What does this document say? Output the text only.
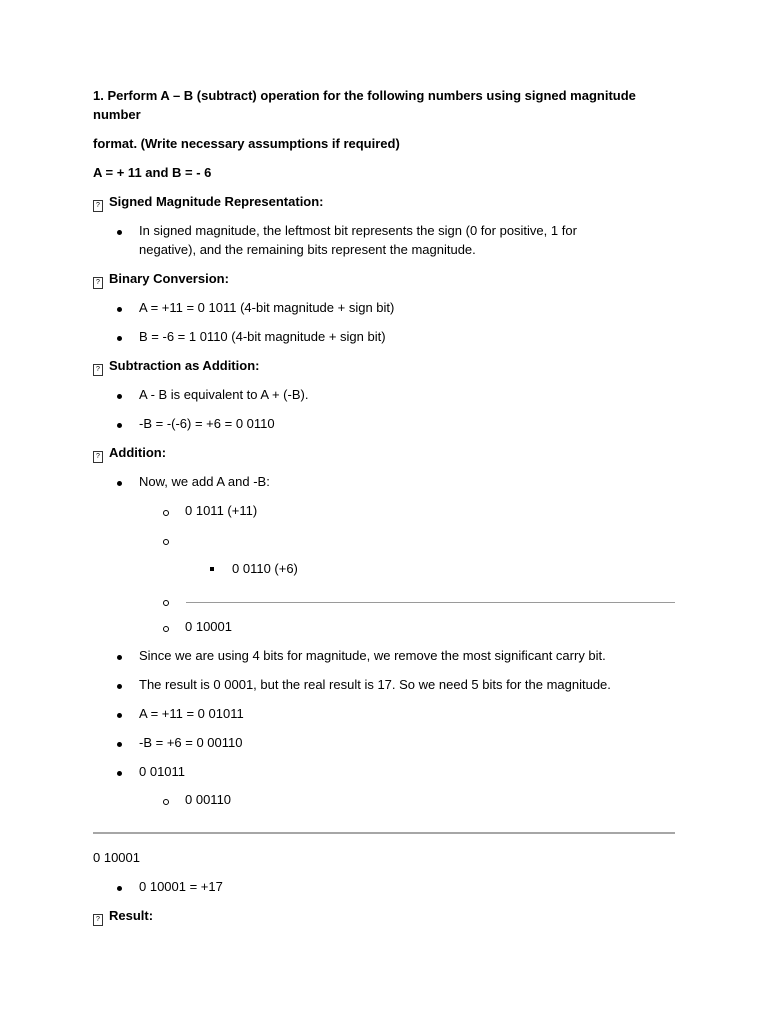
1. Perform A – B (subtract) operation for the following numbers using signed magnitude
number
format. (Write necessary assumptions if required)
A = + 11 and B = - 6
? Signed Magnitude Representation:
In signed magnitude, the leftmost bit represents the sign (0 for positive, 1 for
negative), and the remaining bits represent the magnitude.
? Binary Conversion:
A = +11 = 0 1011 (4-bit magnitude + sign bit)
B = -6 = 1 0110 (4-bit magnitude + sign bit)
? Subtraction as Addition:
A - B is equivalent to A + (-B).
-B = -(-6) = +6 = 0 0110
? Addition:
Now, we add A and -B:
0 1011 (+11)
0 0110 (+6)
0 10001
Since we are using 4 bits for magnitude, we remove the most significant carry bit.
The result is 0 0001, but the real result is 17. So we need 5 bits for the magnitude.
A = +11 = 0 01011
-B = +6 = 0 00110
0 01011
0 00110
0 10001
0 10001 = +17
? Result:
